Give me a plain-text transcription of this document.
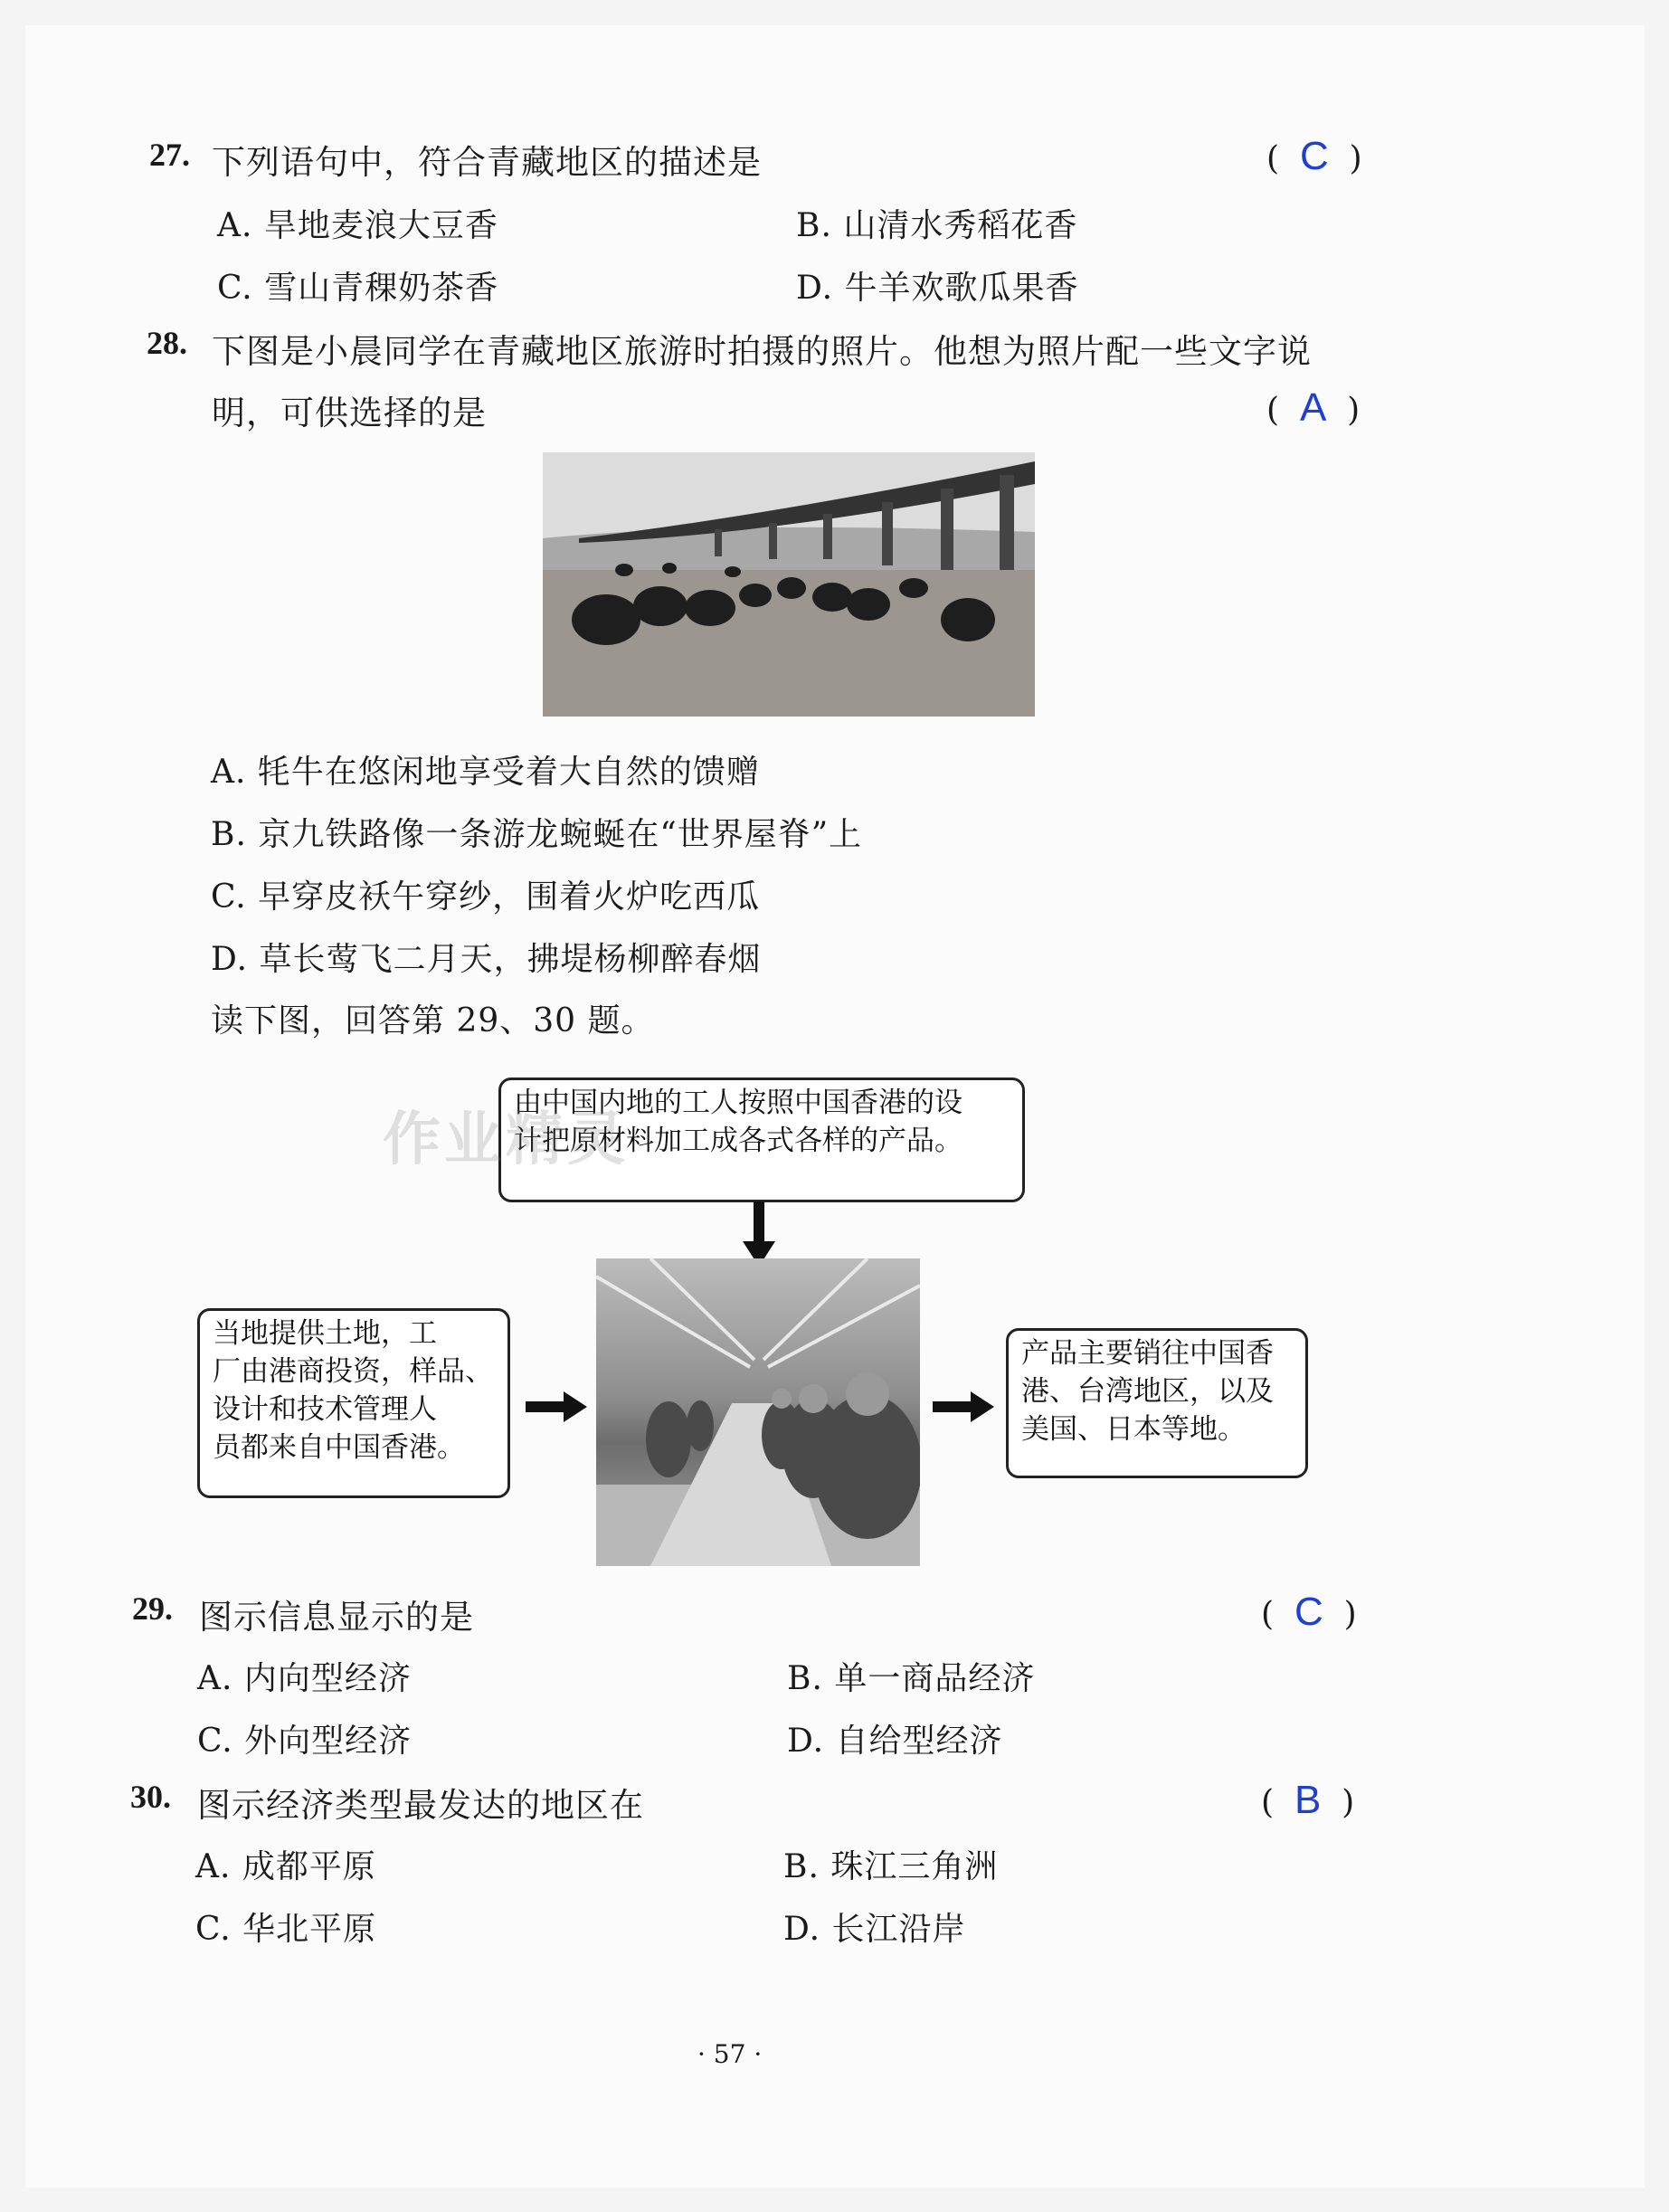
27. 下列语句中，符合青藏地区的描述是	(  C  )
A. 旱地麦浪大豆香	B. 山清水秀稻花香
C. 雪山青稞奶茶香	D. 牛羊欢歌瓜果香
28. 下图是小晨同学在青藏地区旅游时拍摄的照片。他想为照片配一些文字说
明，可供选择的是	(  A  )
A. 牦牛在悠闲地享受着大自然的馈赠
B. 京九铁路像一条游龙蜿蜒在“世界屋脊”上
C. 早穿皮袄午穿纱，围着火炉吃西瓜
D. 草长莺飞二月天，拂堤杨柳醉春烟
读下图，回答第 29、30 题。
由中国内地的工人按照中国香港的设
计把原材料加工成各式各样的产品。
作业精灵
当地提供土地，工
厂由港商投资，样品、
设计和技术管理人
员都来自中国香港。
产品主要销往中国香
港、台湾地区，以及
美国、日本等地。
29. 图示信息显示的是	(  C  )
A. 内向型经济	B. 单一商品经济
C. 外向型经济	D. 自给型经济
30. 图示经济类型最发达的地区在	(  B  )
A. 成都平原	B. 珠江三角洲
C. 华北平原	D. 长江沿岸
· 57 ·
